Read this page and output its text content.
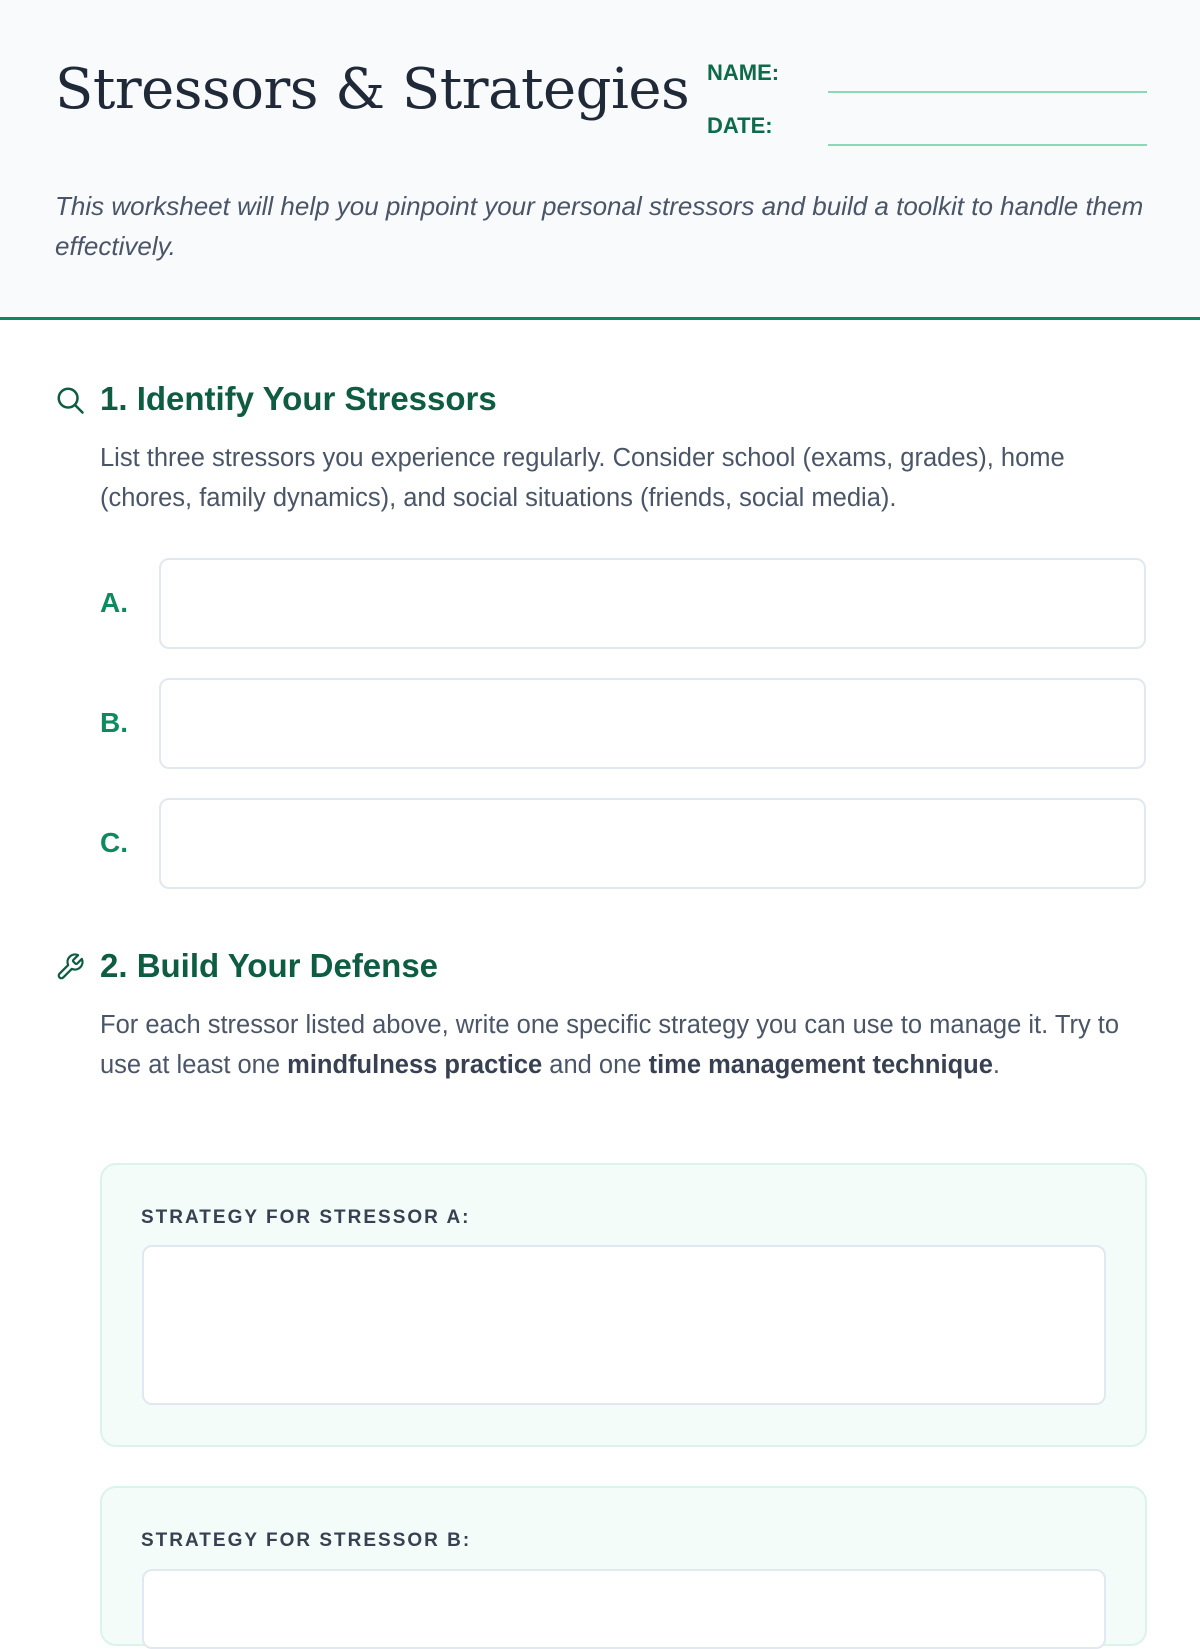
Stressors & Strategies NAME:
DATE:
This worksheet will help you pinpoint your personal stressors and build a toolkit to handle them effectively.
1. Identify Your Stressors
List three stressors you experience regularly. Consider school (exams, grades), home (chores, family dynamics), and social situations (friends, social media).
A.
B.
C.
2. Build Your Defense
For each stressor listed above, write one specific strategy you can use to manage it. Try to use at least one mindfulness practice and one time management technique.
STRATEGY FOR STRESSOR A:
STRATEGY FOR STRESSOR B:
